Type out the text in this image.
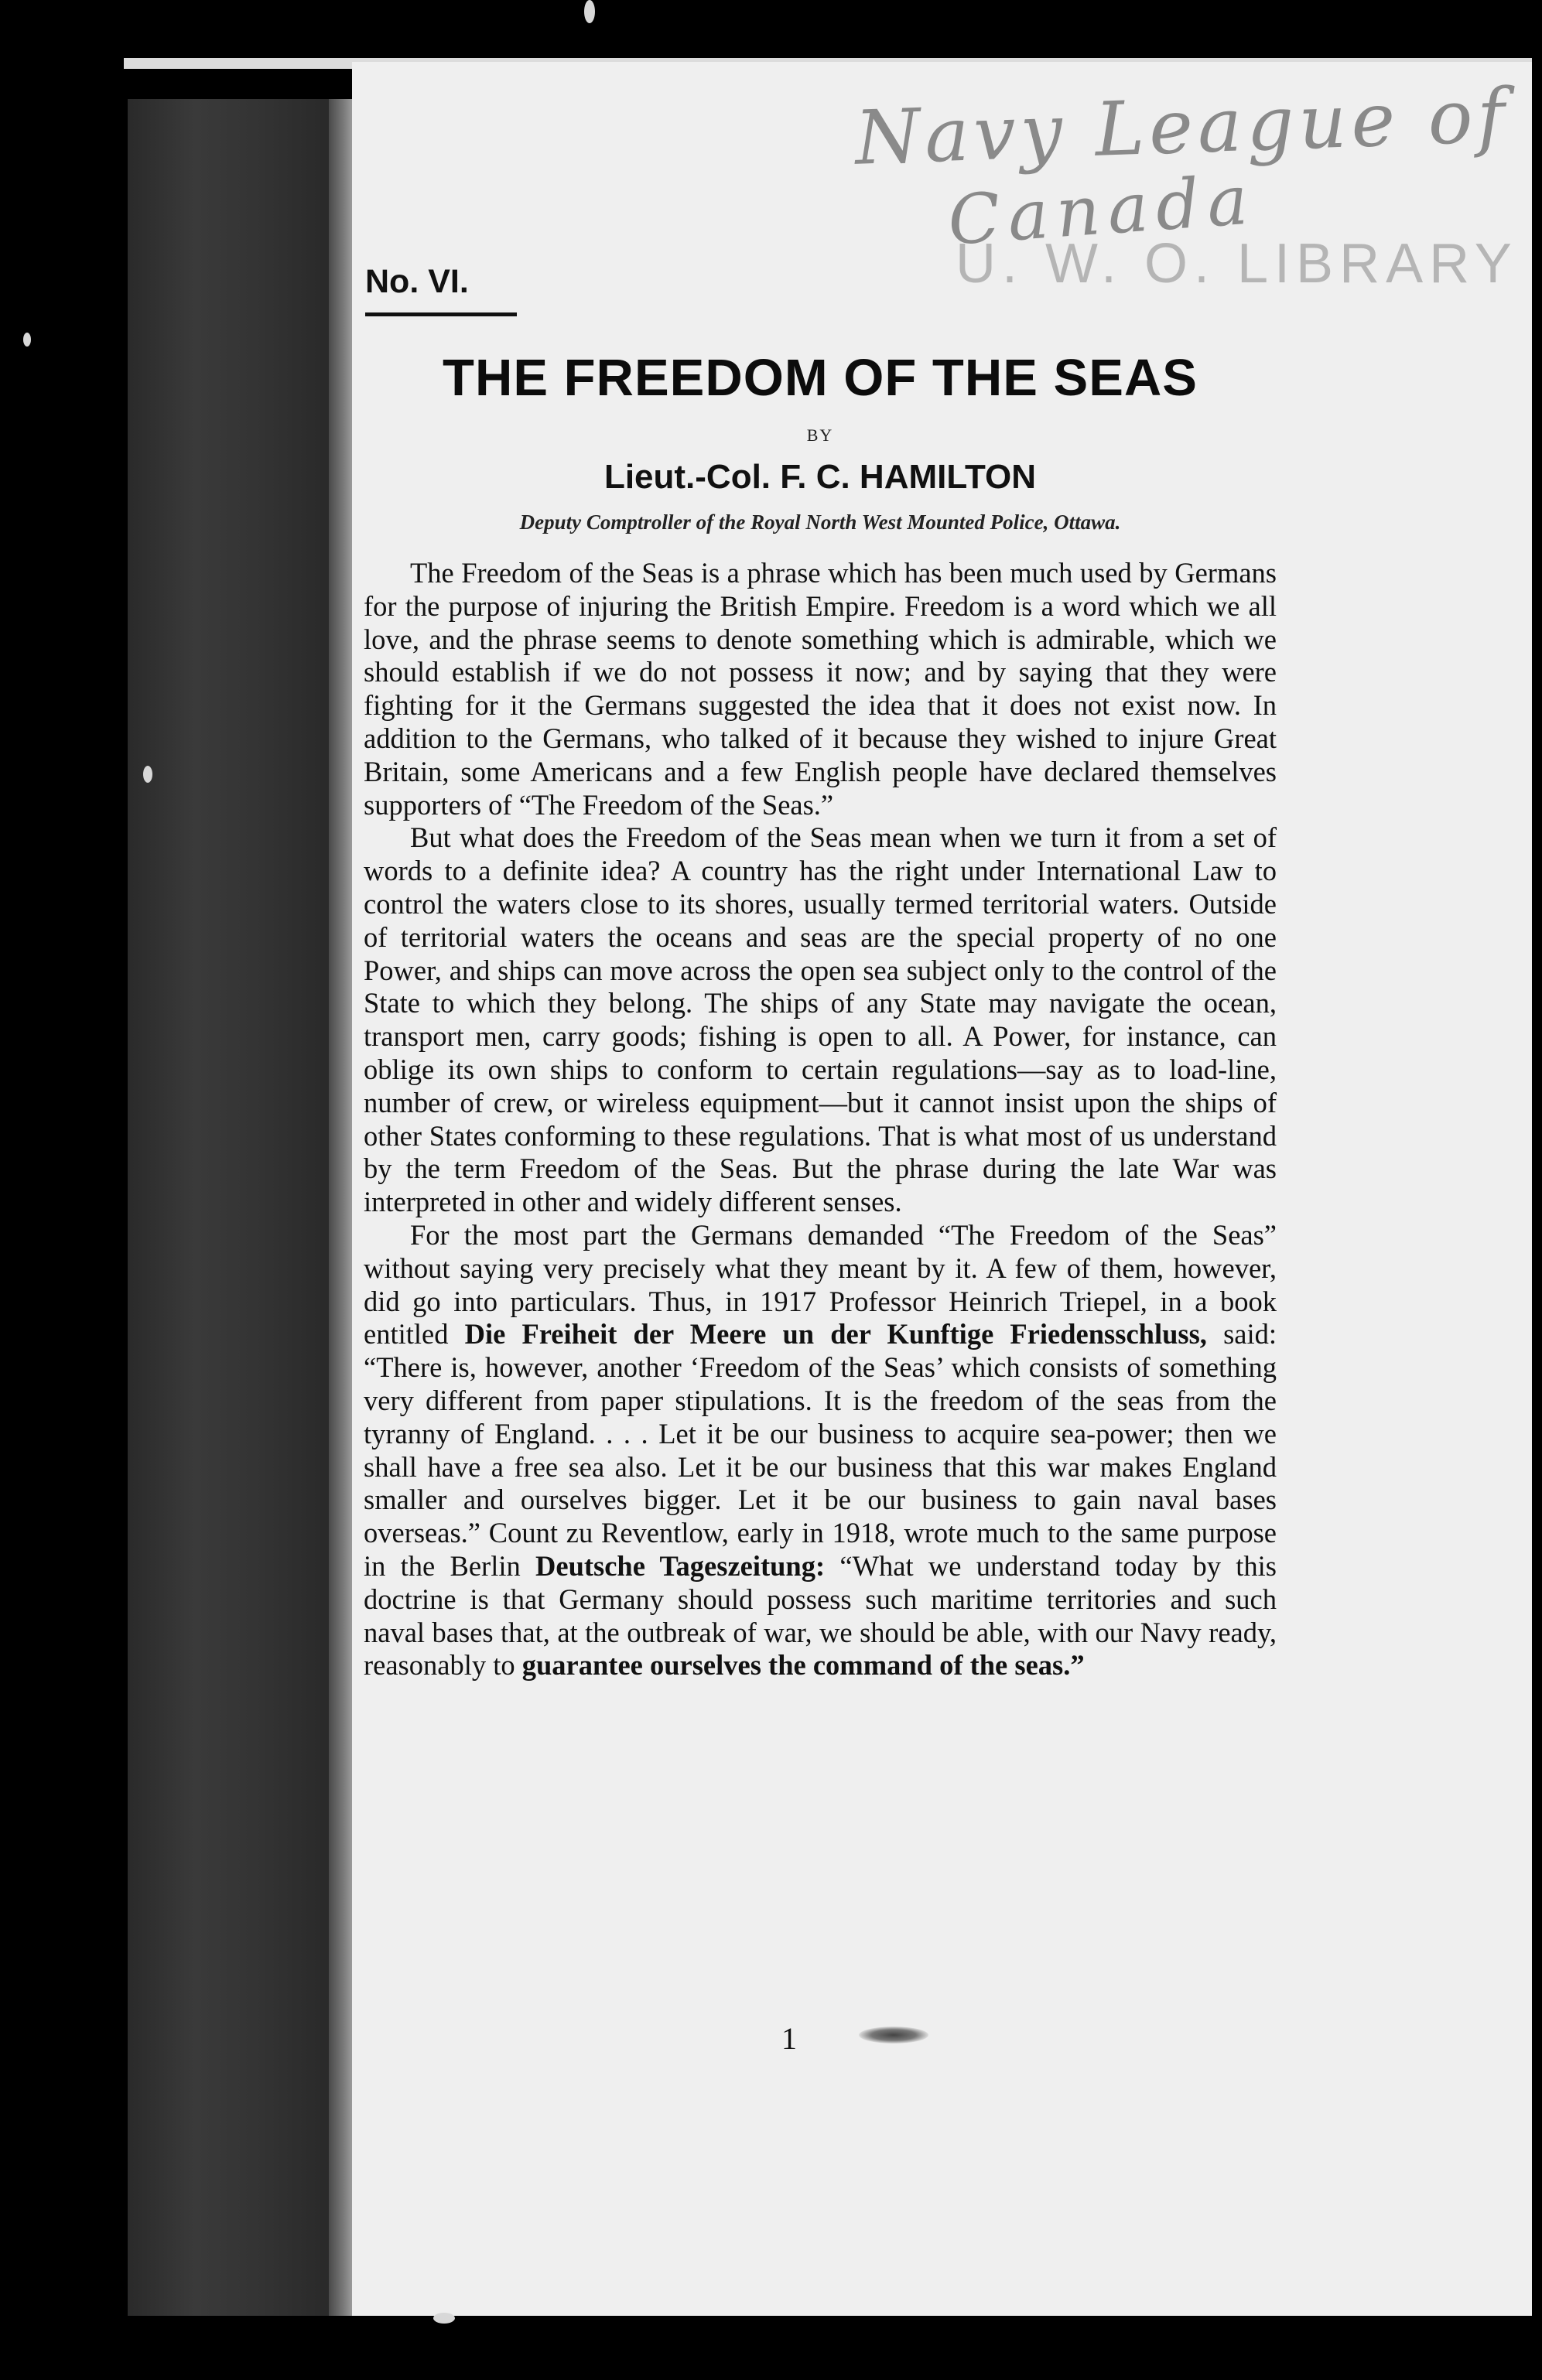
Navy League of
Canada
U. W. O. LIBRARY
No. VI.
THE FREEDOM OF THE SEAS
BY
Lieut.-Col. F. C. HAMILTON
Deputy Comptroller of the Royal North West Mounted Police, Ottawa.

The Freedom of the Seas is a phrase which has been much used by Germans for the purpose of injuring the British Empire. Freedom is a word which we all love, and the phrase seems to denote something which is admirable, which we should establish if we do not possess it now; and by saying that they were fighting for it the Germans suggested the idea that it does not exist now. In addition to the Germans, who talked of it because they wished to injure Great Britain, some Americans and a few English people have declared themselves supporters of “The Freedom of the Seas.”

But what does the Freedom of the Seas mean when we turn it from a set of words to a definite idea? A country has the right under International Law to control the waters close to its shores, usually termed territorial waters. Outside of territorial waters the oceans and seas are the special property of no one Power, and ships can move across the open sea subject only to the control of the State to which they belong. The ships of any State may navigate the ocean, transport men, carry goods; fishing is open to all. A Power, for instance, can oblige its own ships to conform to certain regulations—say as to load-line, number of crew, or wireless equipment—but it cannot insist upon the ships of other States conforming to these regulations. That is what most of us understand by the term Freedom of the Seas. But the phrase during the late War was interpreted in other and widely different senses.

For the most part the Germans demanded “The Freedom of the Seas” without saying very precisely what they meant by it. A few of them, however, did go into particulars. Thus, in 1917 Professor Heinrich Triepel, in a book entitled Die Freiheit der Meere un der Kunftige Friedensschluss, said: “There is, however, another ‘Freedom of the Seas’ which consists of something very different from paper stipulations. It is the freedom of the seas from the tyranny of England. . . . Let it be our business to acquire sea-power; then we shall have a free sea also. Let it be our business that this war makes England smaller and ourselves bigger. Let it be our business to gain naval bases overseas.” Count zu Reventlow, early in 1918, wrote much to the same purpose in the Berlin Deutsche Tageszeitung: “What we understand today by this doctrine is that Germany should possess such maritime territories and such naval bases that, at the outbreak of war, we should be able, with our Navy ready, reasonably to guarantee ourselves the command of the seas.”

1
